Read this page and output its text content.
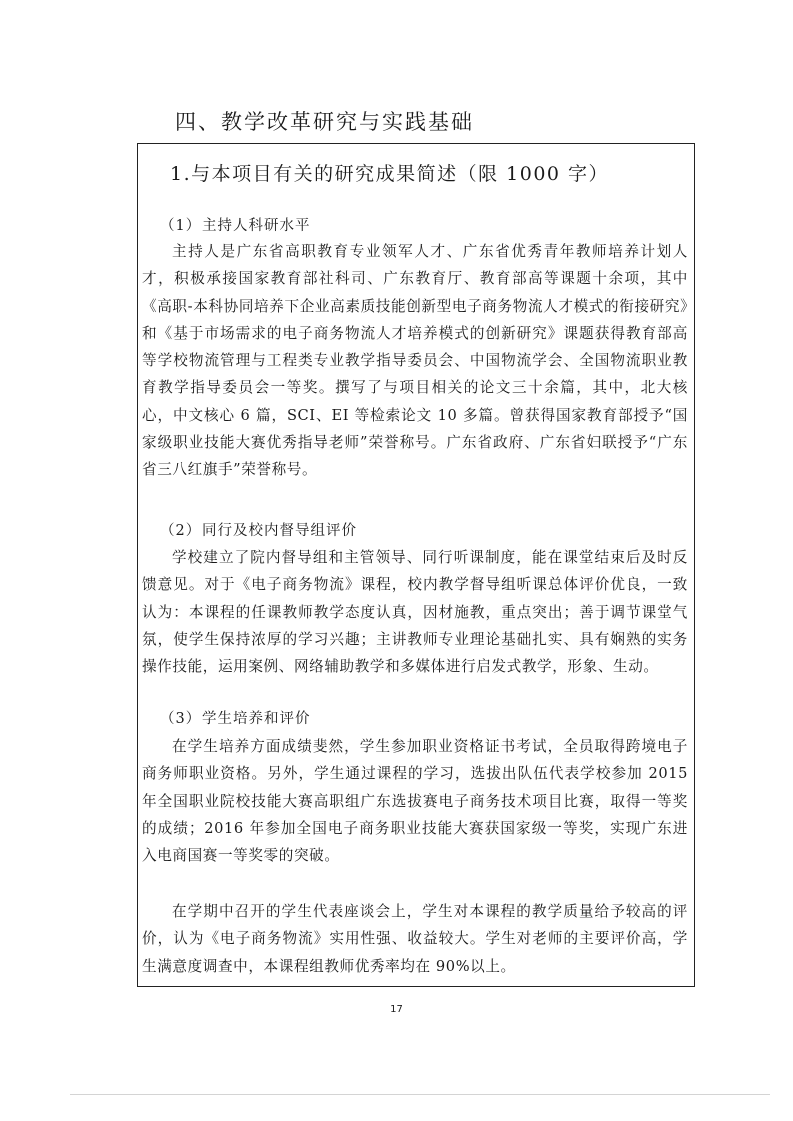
四、教学改革研究与实践基础
1.与本项目有关的研究成果简述（限 1000 字）
（1）主持人科研水平

主持人是广东省高职教育专业领军人才、广东省优秀青年教师培养计划人才，积极承接国家教育部社科司、广东教育厅、教育部高等课题十余项，其中《高职-本科协同培养下企业高素质技能创新型电子商务物流人才模式的衔接研究》和《基于市场需求的电子商务物流人才培养模式的创新研究》课题获得教育部高等学校物流管理与工程类专业教学指导委员会、中国物流学会、全国物流职业教育教学指导委员会一等奖。撰写了与项目相关的论文三十余篇，其中，北大核心，中文核心 6 篇，SCI、EI 等检索论文 10 多篇。曾获得国家教育部授予“国家级职业技能大赛优秀指导老师”荣誉称号。广东省政府、广东省妇联授予“广东省三八红旗手”荣誉称号。

（2）同行及校内督导组评价

学校建立了院内督导组和主管领导、同行听课制度，能在课堂结束后及时反馈意见。对于《电子商务物流》课程，校内教学督导组听课总体评价优良，一致认为：本课程的任课教师教学态度认真，因材施教，重点突出；善于调节课堂气氛，使学生保持浓厚的学习兴趣；主讲教师专业理论基础扎实、具有娴熟的实务操作技能，运用案例、网络辅助教学和多媒体进行启发式教学，形象、生动。

（3）学生培养和评价

在学生培养方面成绩斐然，学生参加职业资格证书考试，全员取得跨境电子商务师职业资格。另外，学生通过课程的学习，选拔出队伍代表学校参加 2015 年全国职业院校技能大赛高职组广东选拔赛电子商务技术项目比赛，取得一等奖的成绩；2016 年参加全国电子商务职业技能大赛获国家级一等奖，实现广东进入电商国赛一等奖零的突破。

在学期中召开的学生代表座谈会上，学生对本课程的教学质量给予较高的评价，认为《电子商务物流》实用性强、收益较大。学生对老师的主要评价高，学生满意度调查中，本课程组教师优秀率均在 90%以上。

17
